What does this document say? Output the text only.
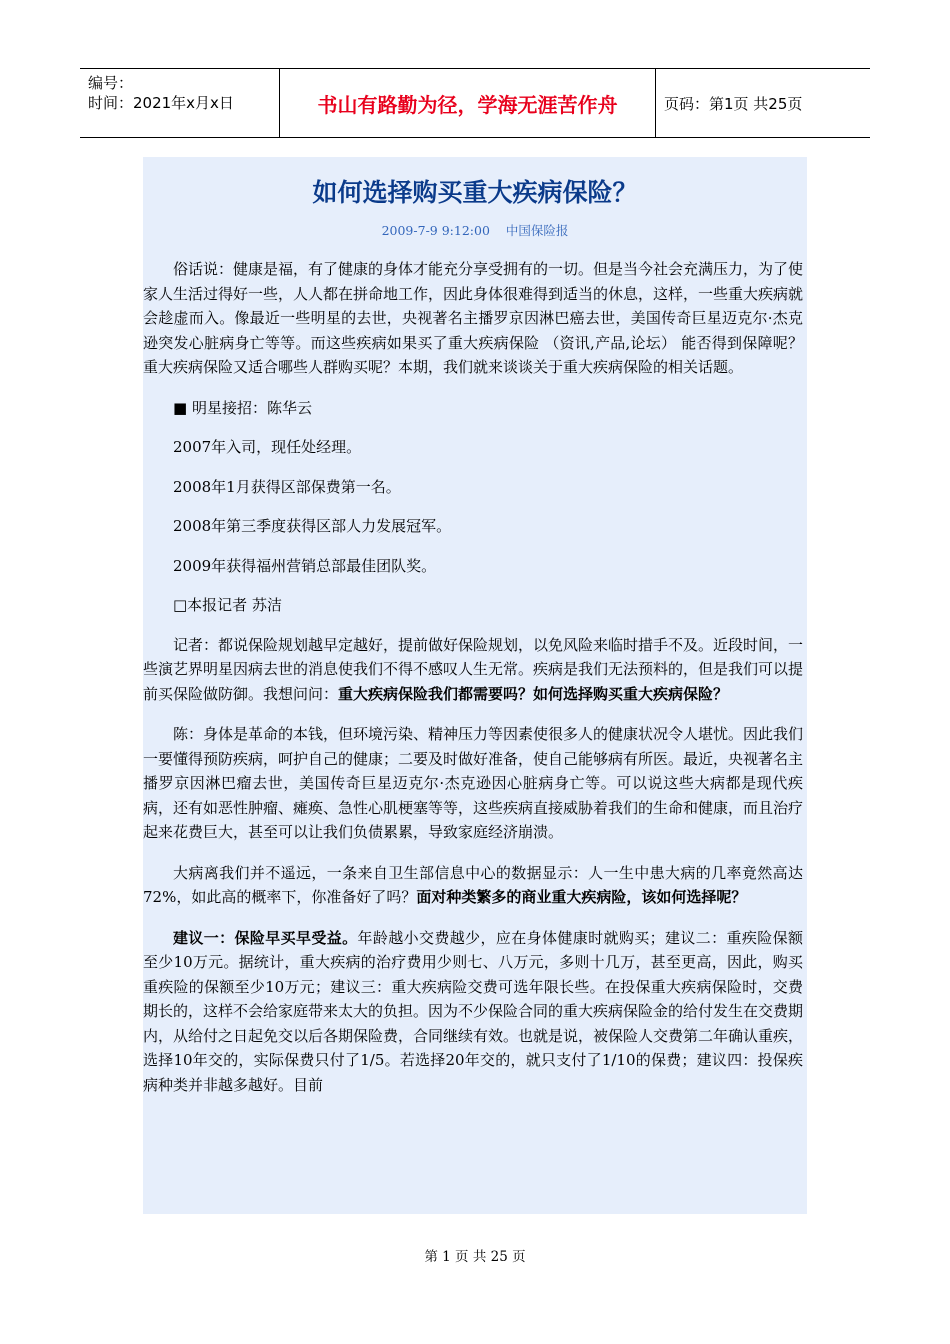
编号：
时间：2021年x月x日	书山有路勤为径，学海无涯苦作舟	页码：第1页 共25页
如何选择购买重大疾病保险？
2009-7-9 9:12:00 中国保险报

俗话说：健康是福，有了健康的身体才能充分享受拥有的一切。但是当今社会充满压力，为了使家人生活过得好一些，人人都在拼命地工作，因此身体很难得到适当的休息，这样，一些重大疾病就会趁虚而入。像最近一些明星的去世，央视著名主播罗京因淋巴癌去世，美国传奇巨星迈克尔·杰克逊突发心脏病身亡等等。而这些疾病如果买了重大疾病保险 （资讯,产品,论坛） 能否得到保障呢？重大疾病保险又适合哪些人群购买呢？本期，我们就来谈谈关于重大疾病保险的相关话题。

■ 明星接招：陈华云

2007年入司，现任处经理。

2008年1月获得区部保费第一名。

2008年第三季度获得区部人力发展冠军。

2009年获得福州营销总部最佳团队奖。

□本报记者 苏洁

记者：都说保险规划越早定越好，提前做好保险规划，以免风险来临时措手不及。近段时间，一些演艺界明星因病去世的消息使我们不得不感叹人生无常。疾病是我们无法预料的，但是我们可以提前买保险做防御。我想问问：重大疾病保险我们都需要吗？如何选择购买重大疾病保险？

陈：身体是革命的本钱，但环境污染、精神压力等因素使很多人的健康状况令人堪忧。因此我们一要懂得预防疾病，呵护自己的健康；二要及时做好准备，使自己能够病有所医。最近，央视著名主播罗京因淋巴瘤去世，美国传奇巨星迈克尔·杰克逊因心脏病身亡等。可以说这些大病都是现代疾病，还有如恶性肿瘤、瘫痪、急性心肌梗塞等等，这些疾病直接威胁着我们的生命和健康，而且治疗起来花费巨大，甚至可以让我们负债累累，导致家庭经济崩溃。

大病离我们并不遥远，一条来自卫生部信息中心的数据显示：人一生中患大病的几率竟然高达72%，如此高的概率下，你准备好了吗？面对种类繁多的商业重大疾病险，该如何选择呢？

建议一：保险早买早受益。年龄越小交费越少，应在身体健康时就购买；建议二：重疾险保额至少10万元。据统计，重大疾病的治疗费用少则七、八万元，多则十几万，甚至更高，因此，购买重疾险的保额至少10万元；建议三：重大疾病险交费可选年限长些。在投保重大疾病保险时，交费期长的，这样不会给家庭带来太大的负担。因为不少保险合同的重大疾病保险金的给付发生在交费期内，从给付之日起免交以后各期保险费，合同继续有效。也就是说，被保险人交费第二年确认重疾，选择10年交的，实际保费只付了1/5。若选择20年交的，就只支付了1/10的保费；建议四：投保疾病种类并非越多越好。目前

第 1 页 共 25 页
